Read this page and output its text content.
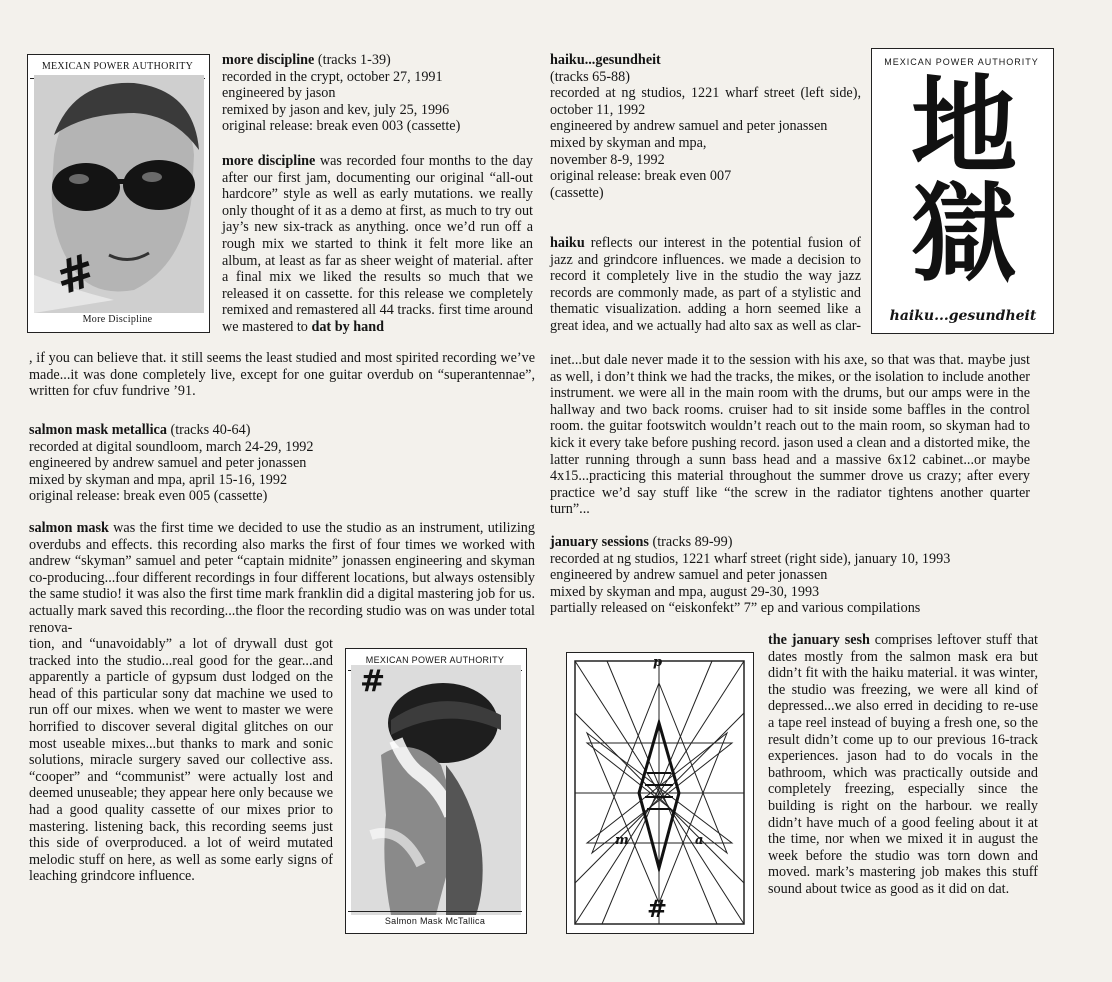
MEXICAN POWER AUTHORITY
#
More Discipline
more discipline (tracks 1-39)
recorded in the crypt, october 27, 1991
engineered by jason
remixed by jason and kev, july 25, 1996
original release: break even 003 (cassette)
more discipline was recorded four months to the day after our first jam, documenting our original “all-out hardcore” style as well as early mutations. we really only thought of it as a demo at first, as much to try out jay’s new six-track as anything. once we’d run off a rough mix we started to think it felt more like an album, at least as far as sheer weight of material. after a final mix we liked the results so much that we released it on cassette. for this release we completely remixed and remastered all 44 tracks. first time around we mastered to dat by hand
, if you can believe that. it still seems the least studied and most spirited recording we’ve made...it was done completely live, except for one guitar overdub on “superantennae”, written for cfuv fundrive ’91.
salmon mask metallica (tracks 40-64)
recorded at digital soundloom, march 24-29, 1992
engineered by andrew samuel and peter jonassen
mixed by skyman and mpa, april 15-16, 1992
original release: break even 005 (cassette)
salmon mask was the first time we decided to use the studio as an instrument, utilizing overdubs and effects. this recording also marks the first of four times we worked with andrew “skyman” samuel and peter “captain midnite” jonassen engineering and skyman co-producing...four different recordings in four different locations, but always ostensibly the same studio! it was also the first time mark franklin did a digital mastering job for us. actually mark saved this recording...the floor the recording studio was on was under total renova-
tion, and “unavoidably” a lot of drywall dust got tracked into the studio...real good for the gear...and apparently a particle of gypsum dust lodged on the head of this particular sony dat machine we used to run off our mixes. when we went to master we were horrified to discover several digital glitches on our most useable mixes...but thanks to mark and sonic solutions, miracle surgery saved our collective ass. “cooper” and “communist” were actually lost and deemed unuseable; they appear here only because we had a good quality cassette of our mixes prior to mastering. listening back, this recording seems just this side of overproduced. a lot of weird mutated melodic stuff on here, as well as some early signs of leaching grindcore influence.
MEXICAN POWER AUTHORITY
#
Salmon Mask McTallica
haiku...gesundheit
(tracks 65-88)
recorded at ng studios, 1221 wharf street (left side), october 11, 1992
engineered by andrew samuel and peter jonassen
mixed by skyman and mpa,
november 8-9, 1992
original release: break even 007
(cassette)
haiku reflects our interest in the potential fusion of jazz and grindcore influences. we made a decision to record it completely live in the studio the way jazz records are commonly made, as part of a stylistic and thematic visualization. adding a horn seemed like a great idea, and we actually had alto sax as well as clar-
inet...but dale never made it to the session with his axe, so that was that. maybe just as well, i don’t think we had the tracks, the mikes, or the isolation to include another instrument. we were all in the main room with the drums, but our amps were in the hallway and two back rooms. cruiser had to sit inside some baffles in the control room. the guitar footswitch wouldn’t reach out to the main room, so skyman had to kick it every take before pushing record. jason used a clean and a distorted mike, the latter running through a sunn bass head and a massive 6x12 cabinet...or maybe 4x15...practicing this material throughout the summer drove us crazy; after every practice we’d say stuff like “the screw in the radiator tightens another quarter turn”...
MEXICAN POWER AUTHORITY
地獄
haiku...gesundheit
january sessions (tracks 89-99)
recorded at ng studios, 1221 wharf street (right side), january 10, 1993
engineered by andrew samuel and peter jonassen
mixed by skyman and mpa, august 29-30, 1993
partially released on “eiskonfekt” 7” ep and various compilations
the january sesh comprises leftover stuff that dates mostly from the salmon mask era but didn’t fit with the haiku material. it was winter, the studio was freezing, we were all kind of depressed...we also erred in deciding to re-use a tape reel instead of buying a fresh one, so the result didn’t come up to our previous 16-track experiences. jason had to do vocals in the bathroom, which was practically outside and completely freezing, especially since the building is right on the harbour. we really didn’t have much of a good feeling about it at the time, nor when we mixed it in august the week before the studio was torn down and moved. mark’s mastering job makes this stuff sound about twice as good as it did on dat.
p
m	a
#
